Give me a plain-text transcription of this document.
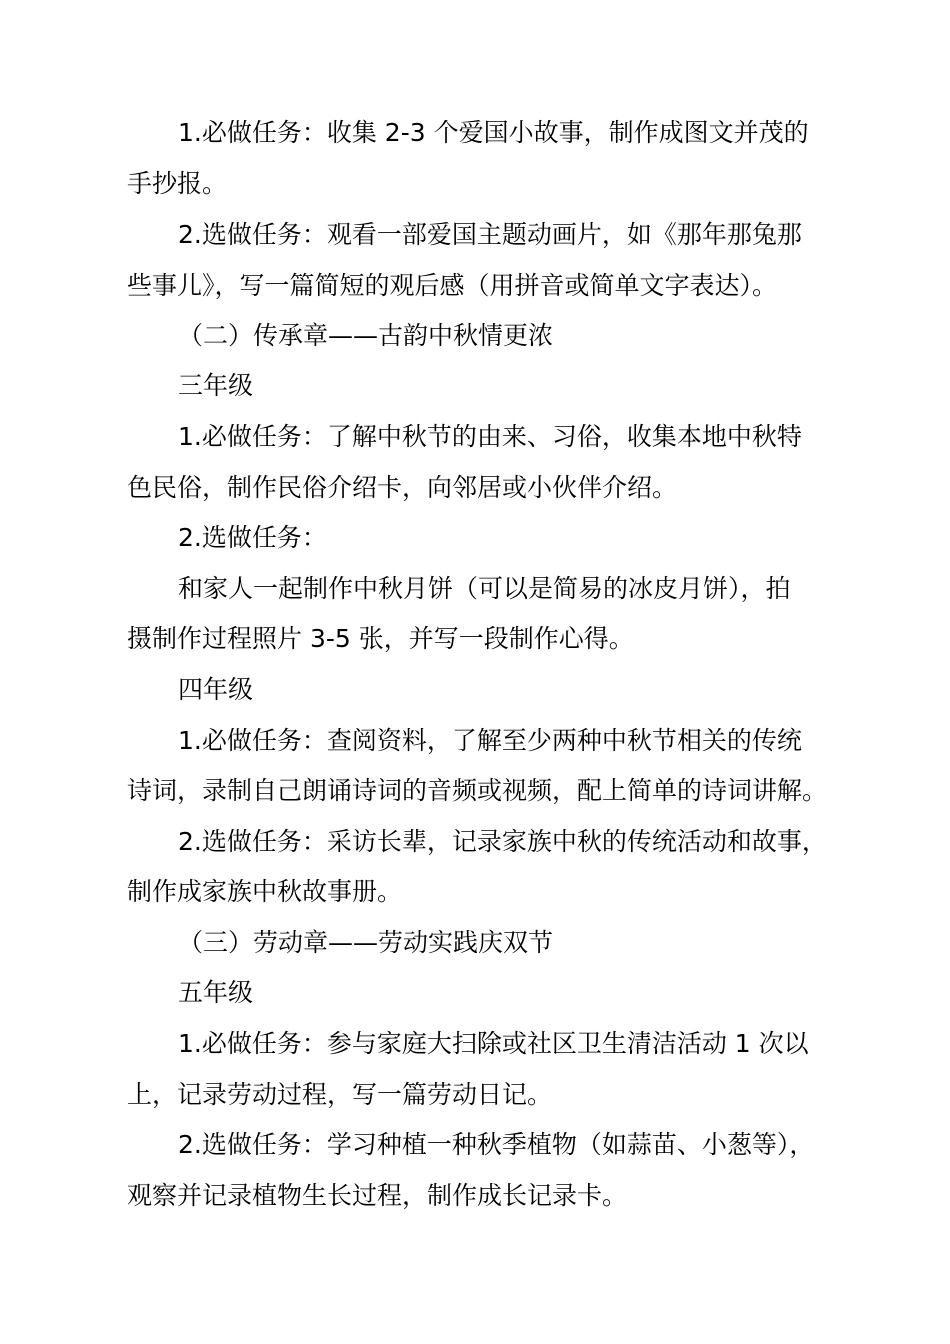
1.必做任务：收集 2-3 个爱国小故事，制作成图文并茂的
手抄报。
2.选做任务：观看一部爱国主题动画片，如《那年那兔那
些事儿》，写一篇简短的观后感（用拼音或简单文字表达）。
（二）传承章——古韵中秋情更浓
三年级
1.必做任务：了解中秋节的由来、习俗，收集本地中秋特
色民俗，制作民俗介绍卡，向邻居或小伙伴介绍。
2.选做任务：
和家人一起制作中秋月饼（可以是简易的冰皮月饼），拍
摄制作过程照片 3-5 张，并写一段制作心得。
四年级
1.必做任务：查阅资料，了解至少两种中秋节相关的传统
诗词，录制自己朗诵诗词的音频或视频，配上简单的诗词讲解。
2.选做任务：采访长辈，记录家族中秋的传统活动和故事，
制作成家族中秋故事册。
（三）劳动章——劳动实践庆双节
五年级
1.必做任务：参与家庭大扫除或社区卫生清洁活动 1 次以
上，记录劳动过程，写一篇劳动日记。
2.选做任务：学习种植一种秋季植物（如蒜苗、小葱等），
观察并记录植物生长过程，制作成长记录卡。
